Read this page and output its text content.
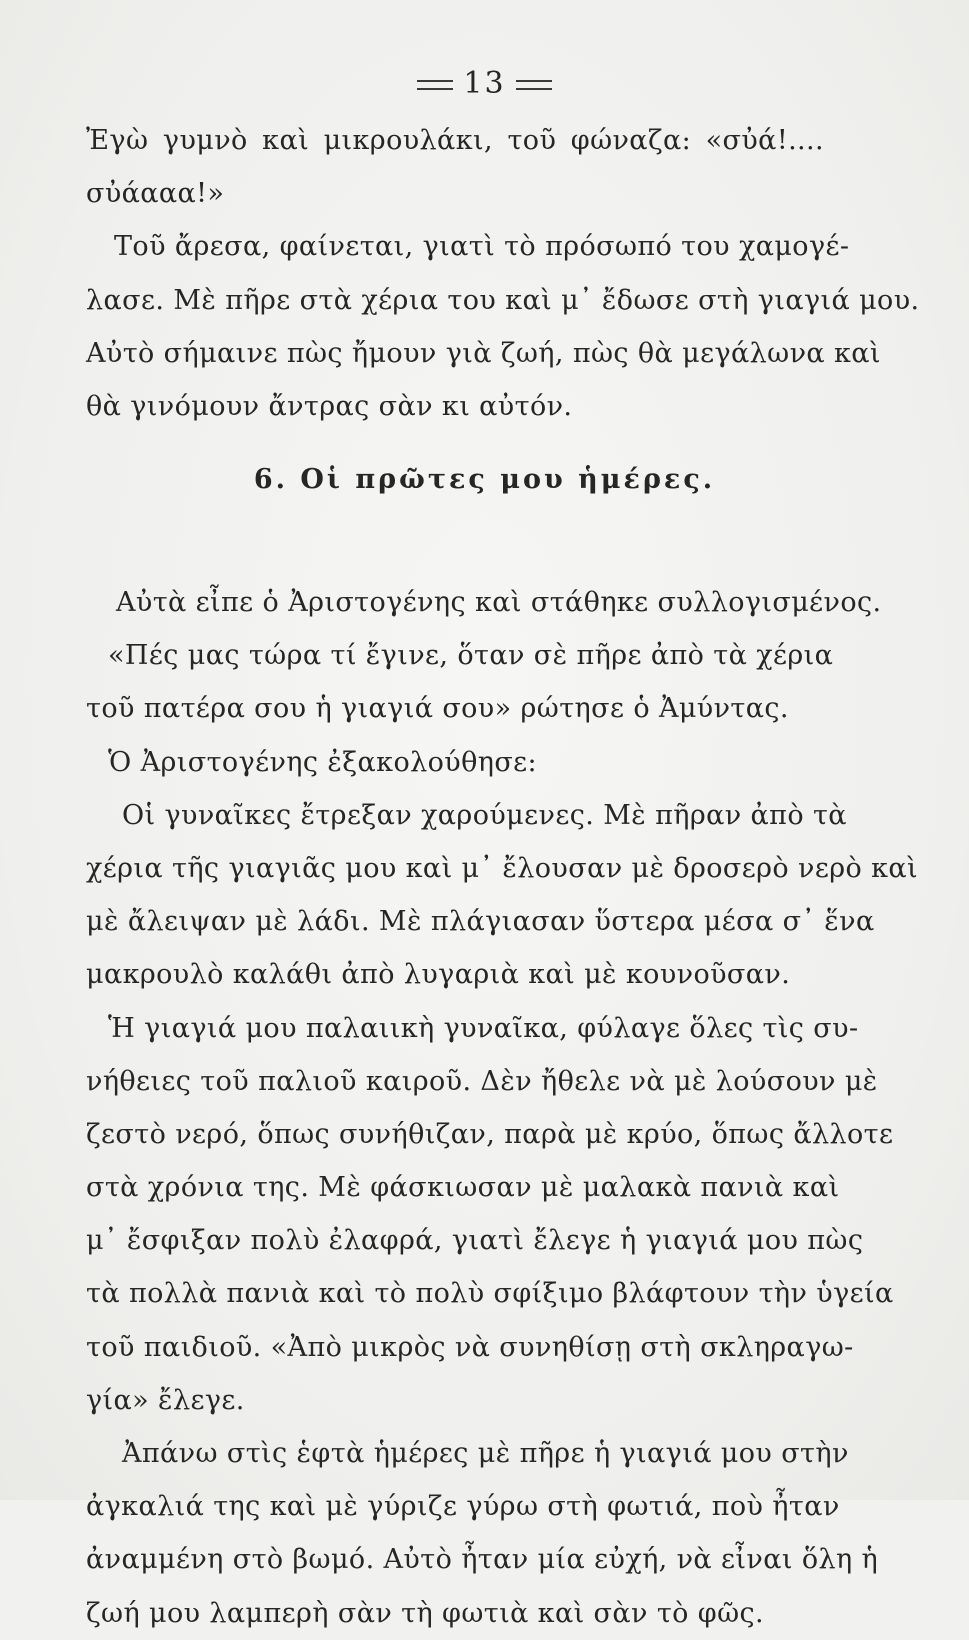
13
Ἐγὼ γυμνὸ καὶ μικρουλάκι, τοῦ φώναζα: «σὐά!....
σὐάααα!»
Τοῦ ἄρεσα, φαίνεται, γιατὶ τὸ πρόσωπό του χαμογέ-
λασε. Μὲ πῆρε στὰ χέρια του καὶ μ᾿ ἔδωσε στὴ γιαγιά μου.
Αὐτὸ σήμαινε πὼς ἤμουν γιὰ ζωή, πὼς θὰ μεγάλωνα καὶ
θὰ γινόμουν ἄντρας σὰν κι αὐτόν.
6. Οἱ πρῶτες μου ἡμέρες.
Αὐτὰ εἶπε ὁ Ἀριστογένης καὶ στάθηκε συλλογισμένος.
«Πές μας τώρα τί ἔγινε, ὅταν σὲ πῆρε ἀπὸ τὰ χέρια
τοῦ πατέρα σου ἡ γιαγιά σου» ρώτησε ὁ Ἀμύντας.
Ὁ Ἀριστογένης ἐξακολούθησε:
Οἱ γυναῖκες ἔτρεξαν χαρούμενες. Μὲ πῆραν ἀπὸ τὰ
χέρια τῆς γιαγιᾶς μου καὶ μ᾿ ἔλουσαν μὲ δροσερὸ νερὸ καὶ
μὲ ἄλειψαν μὲ λάδι. Μὲ πλάγιασαν ὕστερα μέσα σ᾿ ἕνα
μακρουλὸ καλάθι ἀπὸ λυγαριὰ καὶ μὲ κουνοῦσαν.
Ἡ γιαγιά μου παλαιικὴ γυναῖκα, φύλαγε ὅλες τὶς συ-
νήθειες τοῦ παλιοῦ καιροῦ. Δὲν ἤθελε νὰ μὲ λούσουν μὲ
ζεστὸ νερό, ὅπως συνήθιζαν, παρὰ μὲ κρύο, ὅπως ἄλλοτε
στὰ χρόνια της. Μὲ φάσκιωσαν μὲ μαλακὰ πανιὰ καὶ
μ᾿ ἔσφιξαν πολὺ ἐλαφρά, γιατὶ ἔλεγε ἡ γιαγιά μου πὼς
τὰ πολλὰ πανιὰ καὶ τὸ πολὺ σφίξιμο βλάφτουν τὴν ὑγεία
τοῦ παιδιοῦ. «Ἀπὸ μικρὸς νὰ συνηθίσῃ στὴ σκληραγω-
γία» ἔλεγε.
Ἀπάνω στὶς ἑφτὰ ἡμέρες μὲ πῆρε ἡ γιαγιά μου στὴν
ἀγκαλιά της καὶ μὲ γύριζε γύρω στὴ φωτιά, ποὺ ἦταν
ἀναμμένη στὸ βωμό. Αὐτὸ ἦταν μία εὐχή, νὰ εἶναι ὅλη ἡ
ζωή μου λαμπερὴ σὰν τὴ φωτιὰ καὶ σὰν τὸ φῶς.
